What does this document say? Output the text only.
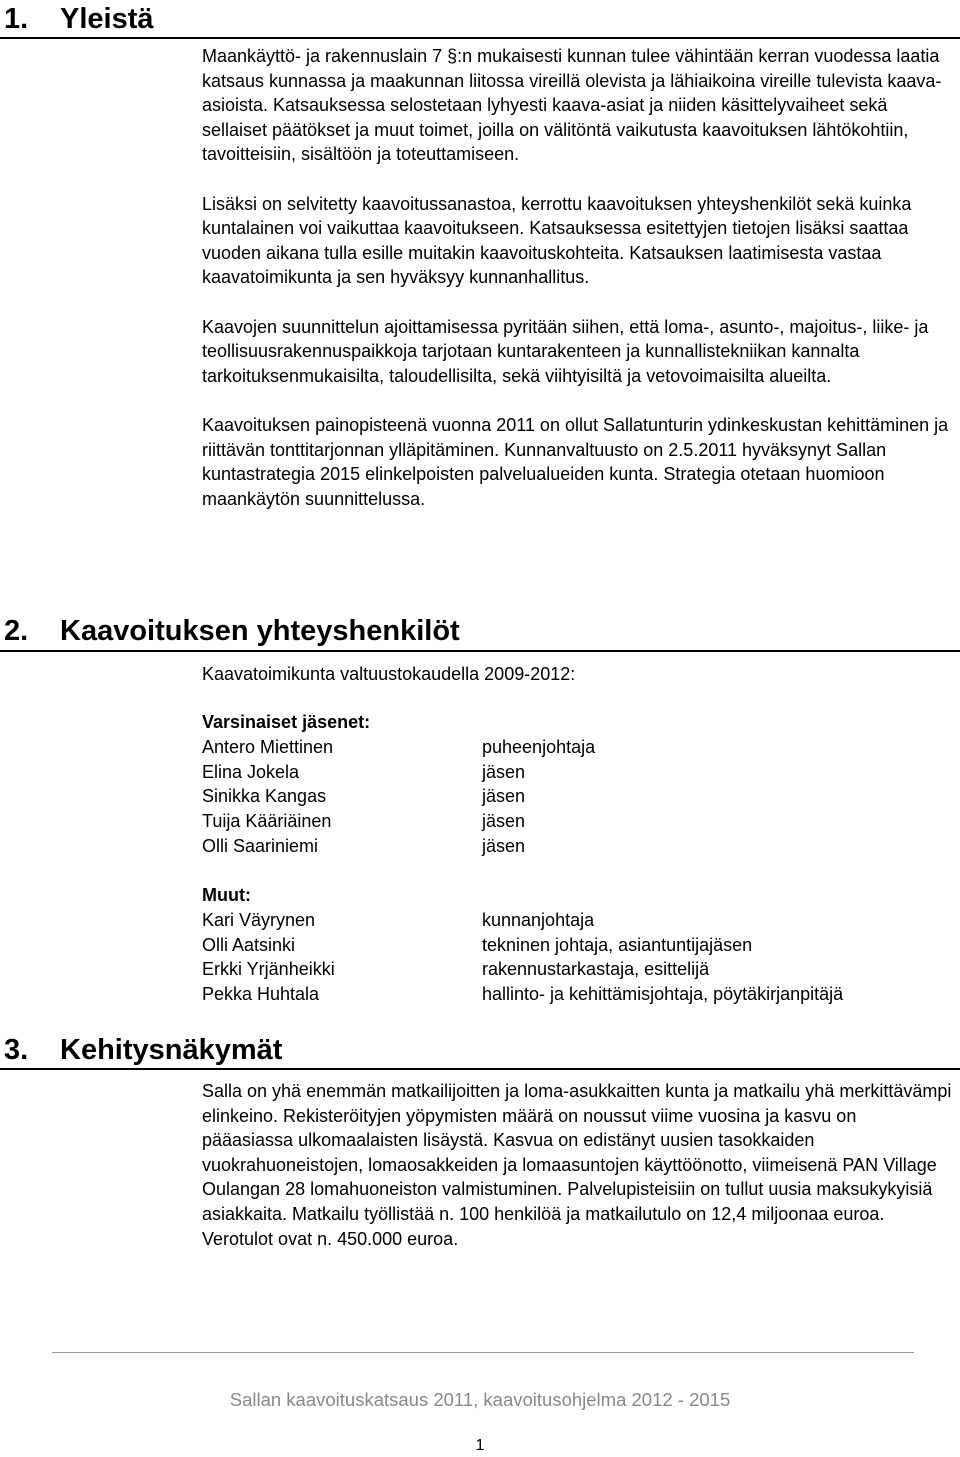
1. Yleistä

Maankäyttö- ja rakennuslain 7 §:n mukaisesti kunnan tulee vähintään kerran vuodessa laatia katsaus kunnassa ja maakunnan liitossa vireillä olevista ja lähiaikoina vireille tulevista kaava-asioista. Katsauksessa selostetaan lyhyesti kaava-asiat ja niiden käsittelyvaiheet sekä sellaiset päätökset ja muut toimet, joilla on välitöntä vaikutusta kaavoituksen lähtökohtiin, tavoitteisiin, sisältöön ja toteuttamiseen.

Lisäksi on selvitetty kaavoitussanastoa, kerrottu kaavoituksen yhteyshenkilöt sekä kuinka kuntalainen voi vaikuttaa kaavoitukseen. Katsauksessa esitettyjen tietojen lisäksi saattaa vuoden aikana tulla esille muitakin kaavoituskohteita. Katsauksen laatimisesta vastaa kaavatoimikunta ja sen hyväksyy kunnanhallitus.

Kaavojen suunnittelun ajoittamisessa pyritään siihen, että loma-, asunto-, majoitus-, liike- ja teollisuusrakennuspaikkoja tarjotaan kuntarakenteen ja kunnallistekniikan kannalta tarkoituksenmukaisilta, taloudellisilta, sekä viihtyisiltä ja vetovoimaisilta alueilta.

Kaavoituksen painopisteenä vuonna 2011 on ollut Sallatunturin ydinkeskustan kehittäminen ja riittävän tonttitarjonnan ylläpitäminen. Kunnanvaltuusto on 2.5.2011 hyväksynyt Sallan kuntastrategia 2015 elinkelpoisten palvelualueiden kunta. Strategia otetaan huomioon maankäytön suunnittelussa.

2. Kaavoituksen yhteyshenkilöt
Kaavatoimikunta valtuustokaudella 2009-2012:
Varsinaiset jäsenet:
Antero Miettinen	puheenjohtaja
Elina Jokela	jäsen
Sinikka Kangas	jäsen
Tuija Kääriäinen	jäsen
Olli Saariniemi	jäsen
Muut:
Kari Väyrynen	kunnanjohtaja
Olli Aatsinki	tekninen johtaja, asiantuntijajäsen
Erkki Yrjänheikki	rakennustarkastaja, esittelijä
Pekka Huhtala	hallinto- ja kehittämisjohtaja, pöytäkirjanpitäjä
3. Kehitysnäkymät

Salla on yhä enemmän matkailijoitten ja loma-asukkaitten kunta ja matkailu yhä merkittävämpi elinkeino. Rekisteröityjen yöpymisten määrä on noussut viime vuosina ja kasvu on pääasiassa ulkomaalaisten lisäystä. Kasvua on edistänyt uusien tasokkaiden vuokrahuoneistojen, lomaosakkeiden ja lomaasuntojen käyttöönotto, viimeisenä PAN Village Oulangan 28 lomahuoneiston valmistuminen. Palvelupisteisiin on tullut uusia maksukykyisiä asiakkaita. Matkailu työllistää n. 100 henkilöä ja matkailutulo on 12,4 miljoonaa euroa. Verotulot ovat n. 450.000 euroa.

Sallan kaavoituskatsaus 2011, kaavoitusohjelma 2012 - 2015
1
